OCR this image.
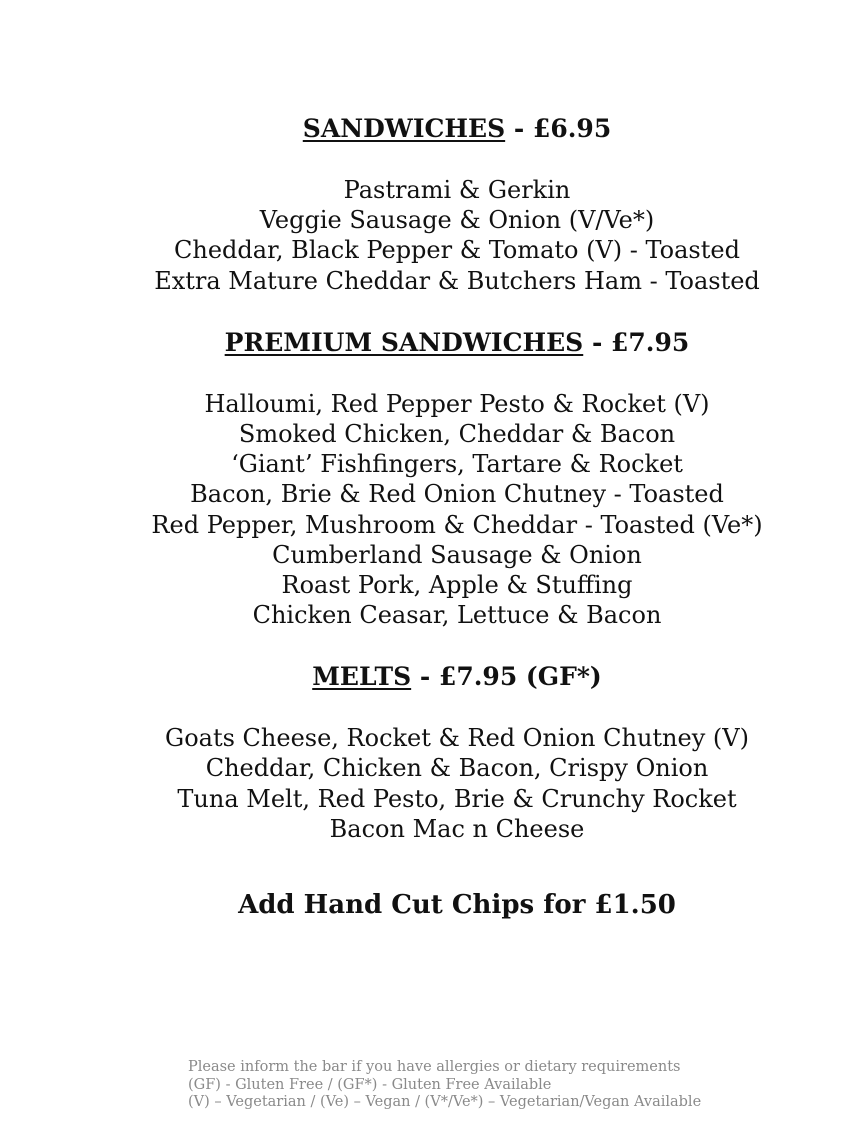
SANDWICHES - £6.95
Pastrami & Gerkin
Veggie Sausage & Onion (V/Ve*)
Cheddar, Black Pepper & Tomato (V) - Toasted
Extra Mature Cheddar & Butchers Ham - Toasted
PREMIUM SANDWICHES - £7.95
Halloumi, Red Pepper Pesto & Rocket (V)
Smoked Chicken, Cheddar & Bacon
‘Giant’ Fishfingers, Tartare & Rocket
Bacon, Brie & Red Onion Chutney - Toasted
Red Pepper, Mushroom & Cheddar - Toasted (Ve*)
Cumberland Sausage & Onion
Roast Pork, Apple & Stuffing
Chicken Ceasar, Lettuce & Bacon
MELTS - £7.95 (GF*)
Goats Cheese, Rocket & Red Onion Chutney (V)
Cheddar, Chicken & Bacon, Crispy Onion
Tuna Melt, Red Pesto, Brie & Crunchy Rocket
Bacon Mac n Cheese
Add Hand Cut Chips for £1.50
Please inform the bar if you have allergies or dietary requirements
(GF) - Gluten Free / (GF*) - Gluten Free Available
(V) – Vegetarian / (Ve) – Vegan / (V*/Ve*) – Vegetarian/Vegan Available
